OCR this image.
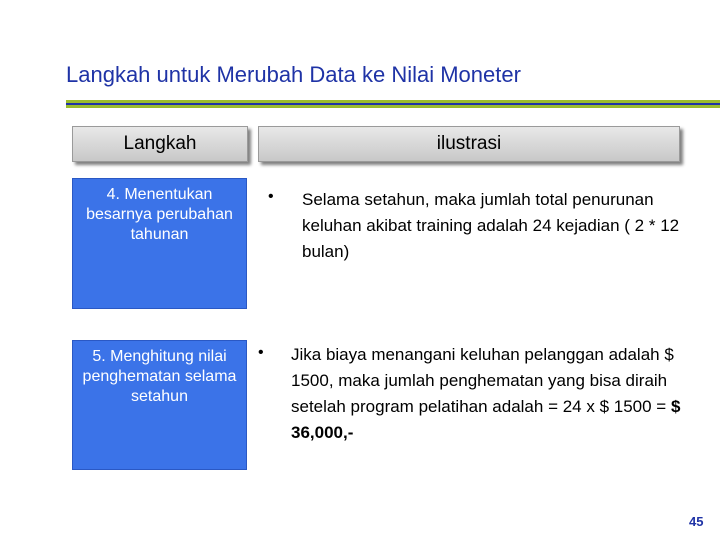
Langkah untuk Merubah Data ke Nilai Moneter
Langkah	ilustrasi
4. Menentukan besarnya perubahan tahunan
• Selama setahun, maka jumlah total penurunan keluhan akibat training adalah 24 kejadian ( 2 * 12 bulan)
5. Menghitung nilai penghematan selama setahun
• Jika biaya menangani keluhan pelanggan adalah $ 1500, maka jumlah penghematan yang bisa diraih setelah program pelatihan adalah = 24 x $ 1500 = $ 36,000,-
45
